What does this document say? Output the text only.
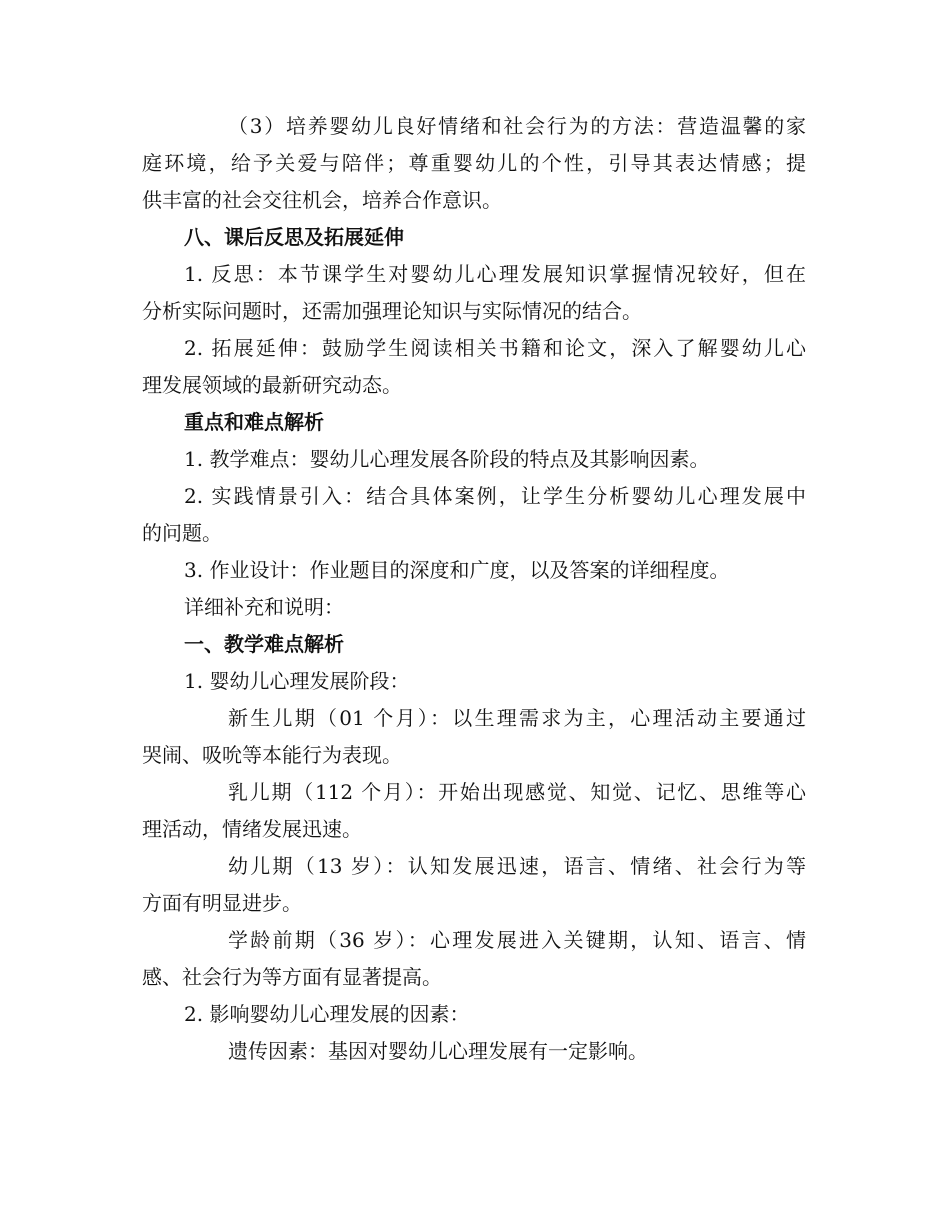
（3）培养婴幼儿良好情绪和社会行为的方法：营造温馨的家
庭环境，给予关爱与陪伴；尊重婴幼儿的个性，引导其表达情感；提
供丰富的社会交往机会，培养合作意识。
八、课后反思及拓展延伸
1. 反思：本节课学生对婴幼儿心理发展知识掌握情况较好，但在
分析实际问题时，还需加强理论知识与实际情况的结合。
2. 拓展延伸：鼓励学生阅读相关书籍和论文，深入了解婴幼儿心
理发展领域的最新研究动态。
重点和难点解析
1. 教学难点：婴幼儿心理发展各阶段的特点及其影响因素。
2. 实践情景引入：结合具体案例，让学生分析婴幼儿心理发展中
的问题。
3. 作业设计：作业题目的深度和广度，以及答案的详细程度。
详细补充和说明：
一、教学难点解析
1. 婴幼儿心理发展阶段：
新生儿期（01 个月）：以生理需求为主，心理活动主要通过
哭闹、吸吮等本能行为表现。
乳儿期（112 个月）：开始出现感觉、知觉、记忆、思维等心
理活动，情绪发展迅速。
幼儿期（13 岁）：认知发展迅速，语言、情绪、社会行为等
方面有明显进步。
学龄前期（36 岁）：心理发展进入关键期，认知、语言、情
感、社会行为等方面有显著提高。
2. 影响婴幼儿心理发展的因素：
遗传因素：基因对婴幼儿心理发展有一定影响。
